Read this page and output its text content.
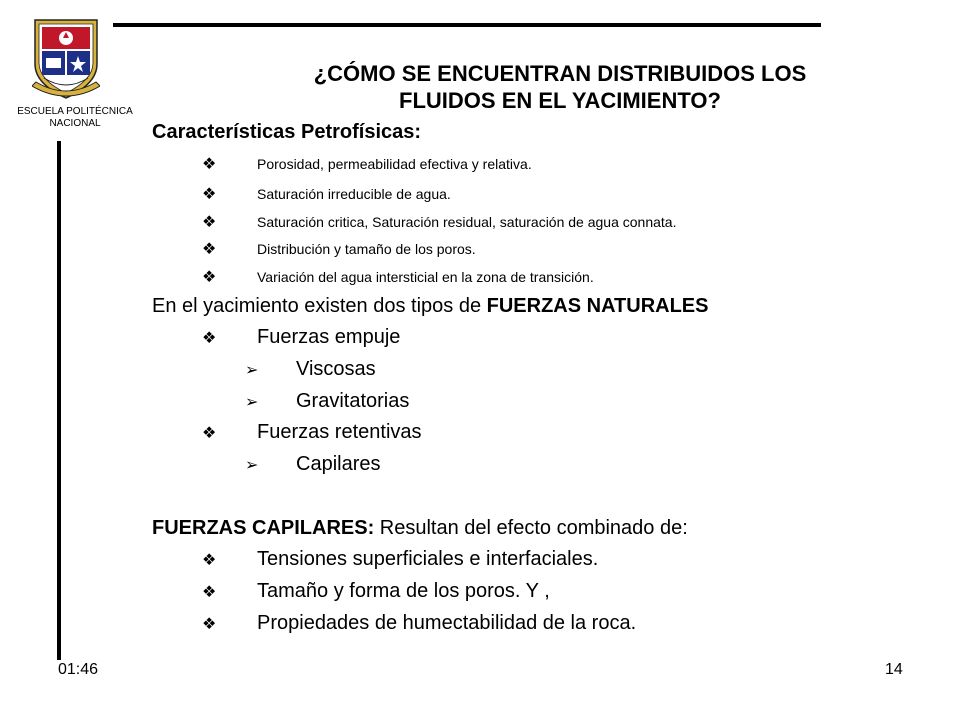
ESCUELA POLITÉCNICA
NACIONAL
¿CÓMO SE ENCUENTRAN DISTRIBUIDOS LOS
FLUIDOS EN EL YACIMIENTO?
Características Petrofísicas:
❖	Porosidad, permeabilidad efectiva y relativa.
❖	Saturación irreducible de agua.
❖	Saturación critica, Saturación residual, saturación de agua connata.
❖	Distribución y tamaño de los poros.
❖	Variación del agua intersticial en la zona de transición.
En el yacimiento existen dos tipos de FUERZAS NATURALES
❖ Fuerzas empuje
➢ Viscosas
➢ Gravitatorias
❖ Fuerzas retentivas
➢ Capilares
FUERZAS CAPILARES: Resultan del efecto combinado de:
❖ Tensiones superficiales e interfaciales.
❖ Tamaño y forma de los poros. Y ,
❖ Propiedades de humectabilidad de la roca.
01:46	14
